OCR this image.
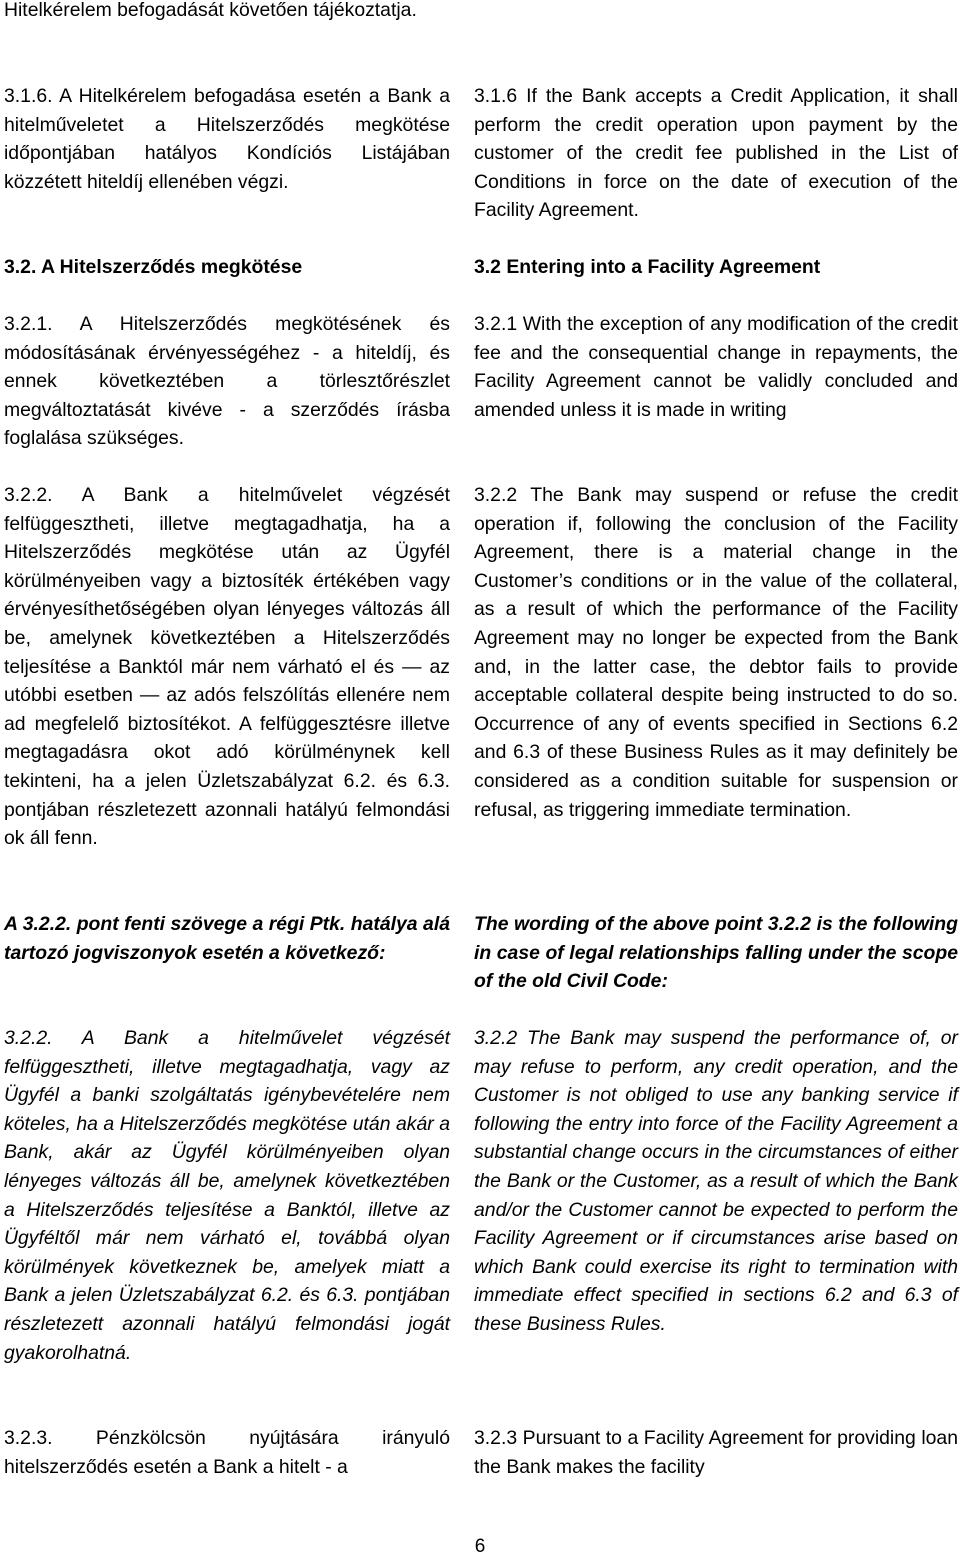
Hitelkérelem befogadását követően tájékoztatja.

3.1.6. A Hitelkérelem befogadása esetén a Bank a hitelműveletet a Hitelszerződés megkötése időpontjában hatályos Kondíciós Listájában közzétett hiteldíj ellenében végzi.

3.2. A Hitelszerződés megkötése

3.2.1. A Hitelszerződés megkötésének és módosításának érvényességéhez - a hiteldíj, és ennek következtében a törlesztőrészlet megváltoztatását kivéve - a szerződés írásba foglalása szükséges.

3.2.2. A Bank a hitelművelet végzését felfüggesztheti, illetve megtagadhatja, ha a Hitelszerződés megkötése után az Ügyfél körülményeiben vagy a biztosíték értékében vagy érvényesíthetőségében olyan lényeges változás áll be, amelynek következtében a Hitelszerződés teljesítése a Banktól már nem várható el és — az utóbbi esetben — az adós felszólítás ellenére nem ad megfelelő biztosítékot. A felfüggesztésre illetve megtagadásra okot adó körülménynek kell tekinteni, ha a jelen Üzletszabályzat 6.2. és 6.3. pontjában részletezett azonnali hatályú felmondási ok áll fenn.

A 3.2.2. pont fenti szövege a régi Ptk. hatálya alá tartozó jogviszonyok esetén a következő:

3.2.2. A Bank a hitelművelet végzését felfüggesztheti, illetve megtagadhatja, vagy az Ügyfél a banki szolgáltatás igénybevételére nem köteles, ha a Hitelszerződés megkötése után akár a Bank, akár az Ügyfél körülményeiben olyan lényeges változás áll be, amelynek következtében a Hitelszerződés teljesítése a Banktól, illetve az Ügyféltől már nem várható el, továbbá olyan körülmények következnek be, amelyek miatt a Bank a jelen Üzletszabályzat 6.2. és 6.3. pontjában részletezett azonnali hatályú felmondási jogát gyakorolhatná.

3.2.3. Pénzkölcsön nyújtására irányuló hitelszerződés esetén a Bank a hitelt - a

3.1.6 If the Bank accepts a Credit Application, it shall perform the credit operation upon payment by the customer of the credit fee published in the List of Conditions in force on the date of execution of the Facility Agreement.

3.2 Entering into a Facility Agreement

3.2.1 With the exception of any modification of the credit fee and the consequential change in repayments, the Facility Agreement cannot be validly concluded and amended unless it is made in writing

3.2.2 The Bank may suspend or refuse the credit operation if, following the conclusion of the Facility Agreement, there is a material change in the Customer’s conditions or in the value of the collateral, as a result of which the performance of the Facility Agreement may no longer be expected from the Bank and, in the latter case, the debtor fails to provide acceptable collateral despite being instructed to do so. Occurrence of any of events specified in Sections 6.2 and 6.3 of these Business Rules as it may definitely be considered as a condition suitable for suspension or refusal, as triggering immediate termination.

The wording of the above point 3.2.2 is the following in case of legal relationships falling under the scope of the old Civil Code:

3.2.2 The Bank may suspend the performance of, or may refuse to perform, any credit operation, and the Customer is not obliged to use any banking service if following the entry into force of the Facility Agreement a substantial change occurs in the circumstances of either the Bank or the Customer, as a result of which the Bank and/or the Customer cannot be expected to perform the Facility Agreement or if circumstances arise based on which Bank could exercise its right to termination with immediate effect specified in sections 6.2 and 6.3 of these Business Rules.

3.2.3 Pursuant to a Facility Agreement for providing loan the Bank makes the facility

6
